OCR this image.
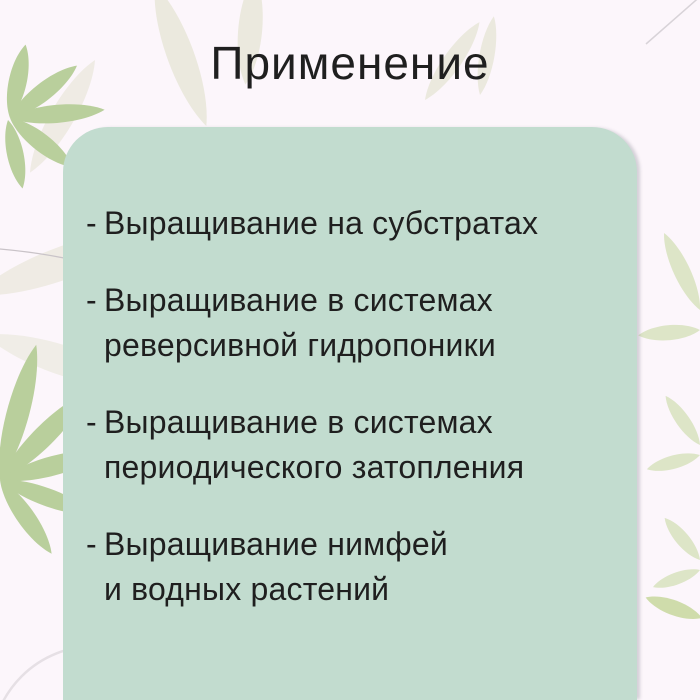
Применение
- Выращивание на субстратах
- Выращивание в системах
реверсивной гидропоники
- Выращивание в системах
периодического затопления
- Выращивание нимфей
и водных растений
